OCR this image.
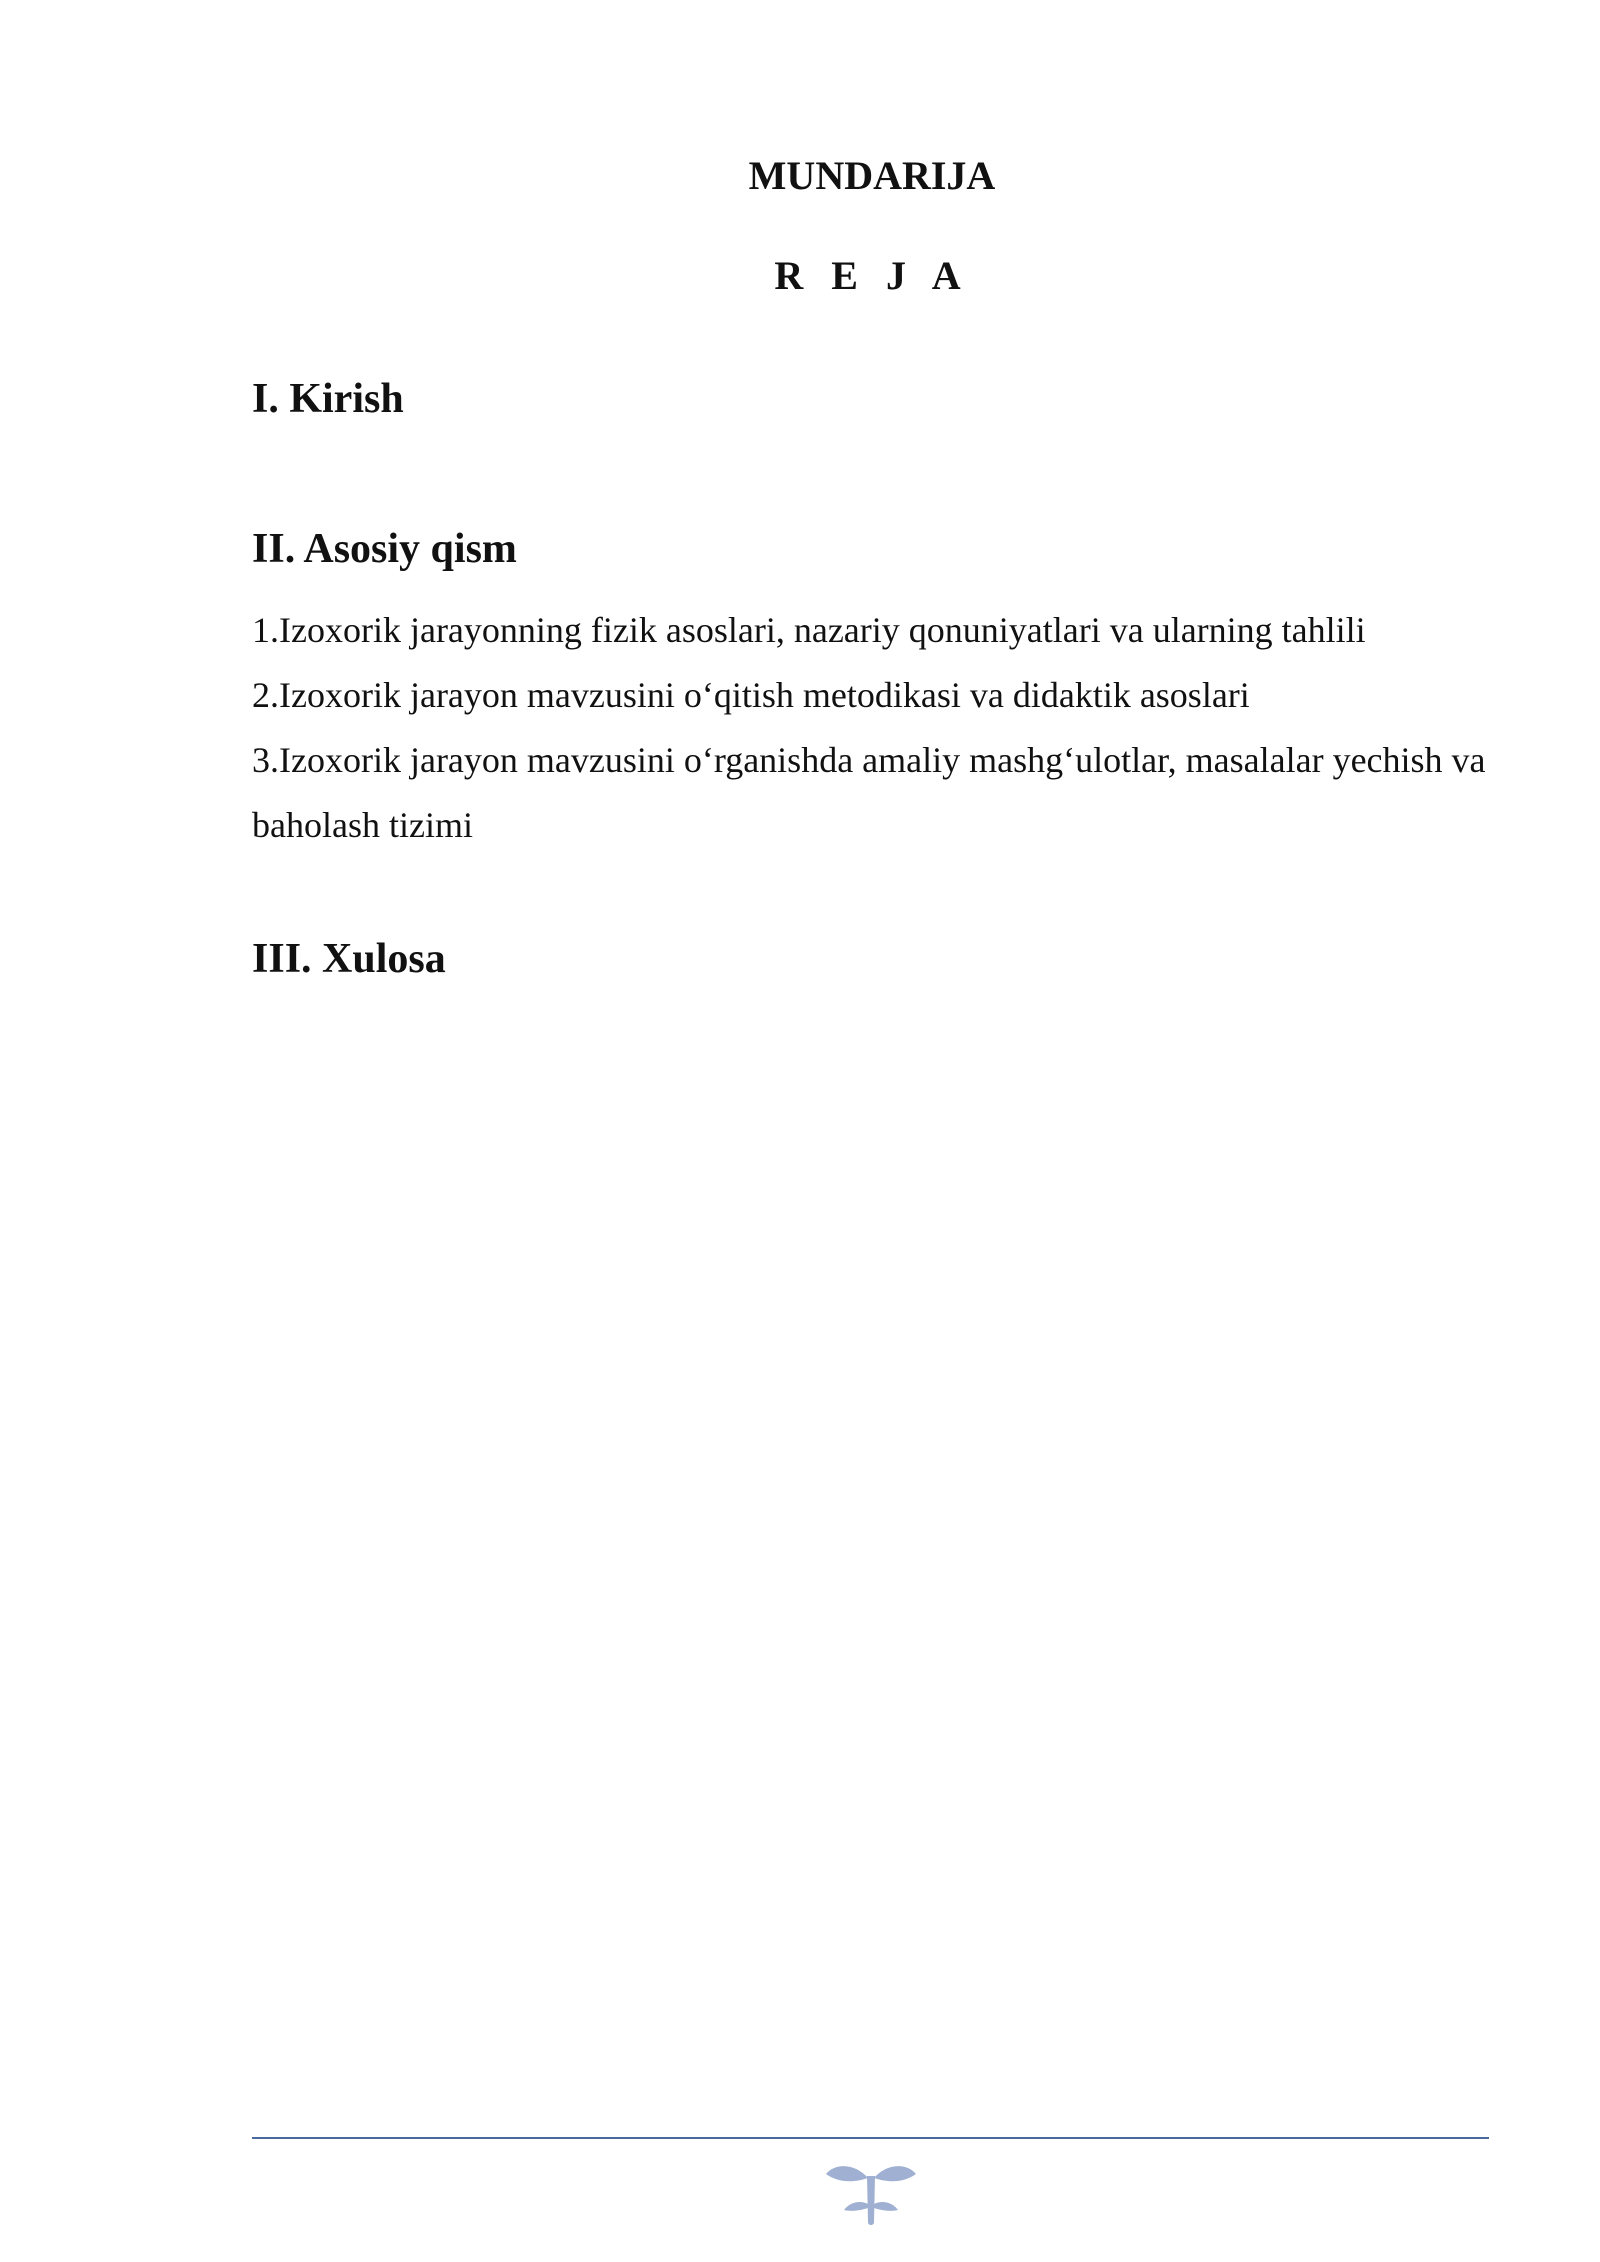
MUNDARIJA
R E J A
I. Kirish
II. Asosiy qism
1.Izoxorik jarayonning fizik asoslari, nazariy qonuniyatlari va ularning tahlili
2.Izoxorik jarayon mavzusini o‘qitish metodikasi va didaktik asoslari
3.Izoxorik jarayon mavzusini o‘rganishda amaliy mashg‘ulotlar, masalalar yechish va baholash tizimi
III. Xulosa
